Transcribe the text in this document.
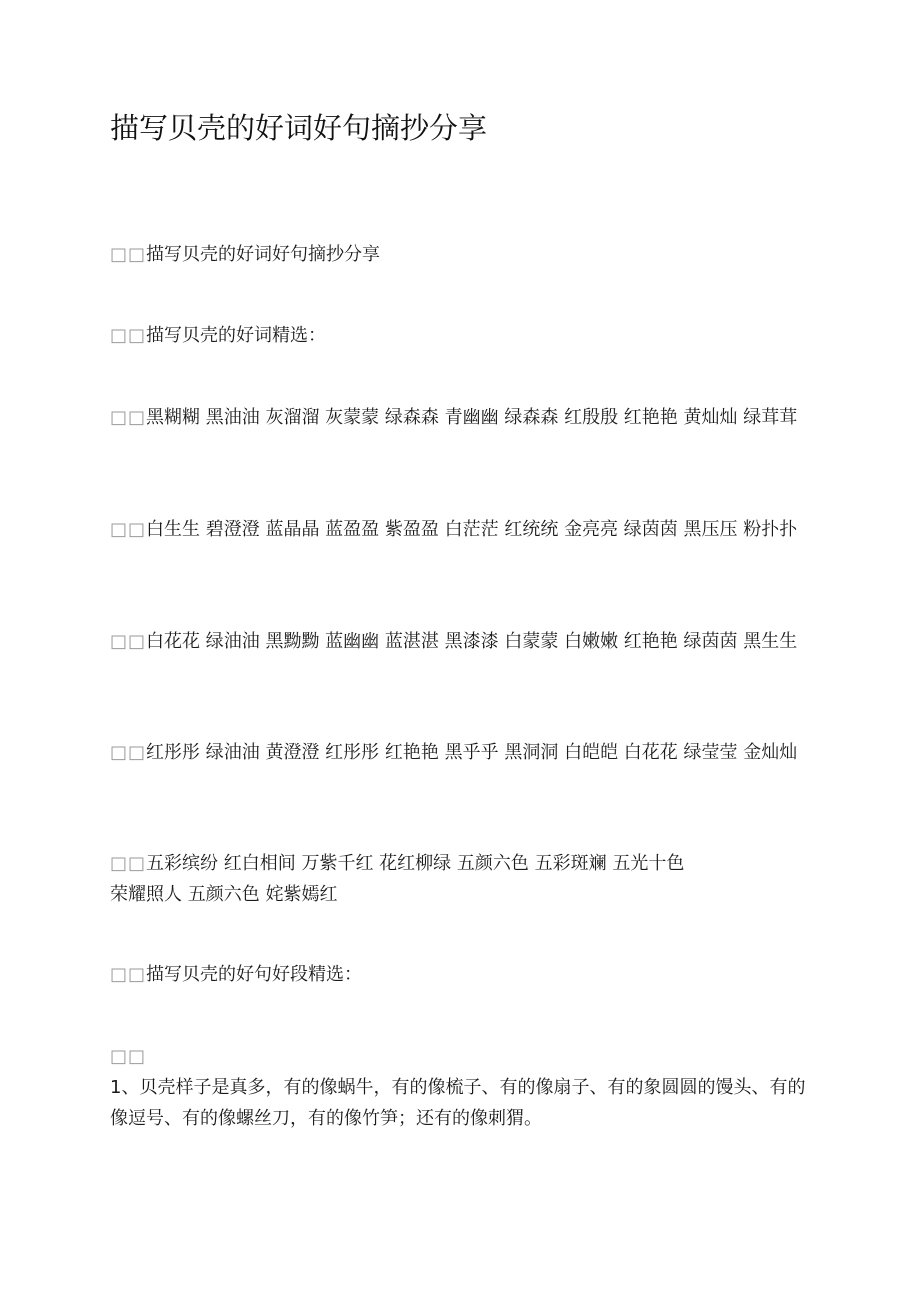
描写贝壳的好词好句摘抄分享

□□描写贝壳的好词好句摘抄分享

□□描写贝壳的好词精选：

□□黑糊糊 黑油油 灰溜溜 灰蒙蒙 绿森森 青幽幽 绿森森 红殷殷 红艳艳 黄灿灿 绿茸茸

□□白生生 碧澄澄 蓝晶晶 蓝盈盈 紫盈盈 白茫茫 红统统 金亮亮 绿茵茵 黑压压 粉扑扑

□□白花花 绿油油 黑黝黝 蓝幽幽 蓝湛湛 黑漆漆 白蒙蒙 白嫩嫩 红艳艳 绿茵茵 黑生生

□□红彤彤 绿油油 黄澄澄 红彤彤 红艳艳 黑乎乎 黑洞洞 白皑皑 白花花 绿莹莹 金灿灿

□□五彩缤纷 红白相间 万紫千红 花红柳绿 五颜六色 五彩斑斓 五光十色
荣耀照人 五颜六色 姹紫嫣红

□□描写贝壳的好句好段精选：

□□
1、贝壳样子是真多，有的像蜗牛，有的像梳子、有的像扇子、有的象圆圆的馒头、有的像逗号、有的像螺丝刀，有的像竹笋；还有的像刺猬。
